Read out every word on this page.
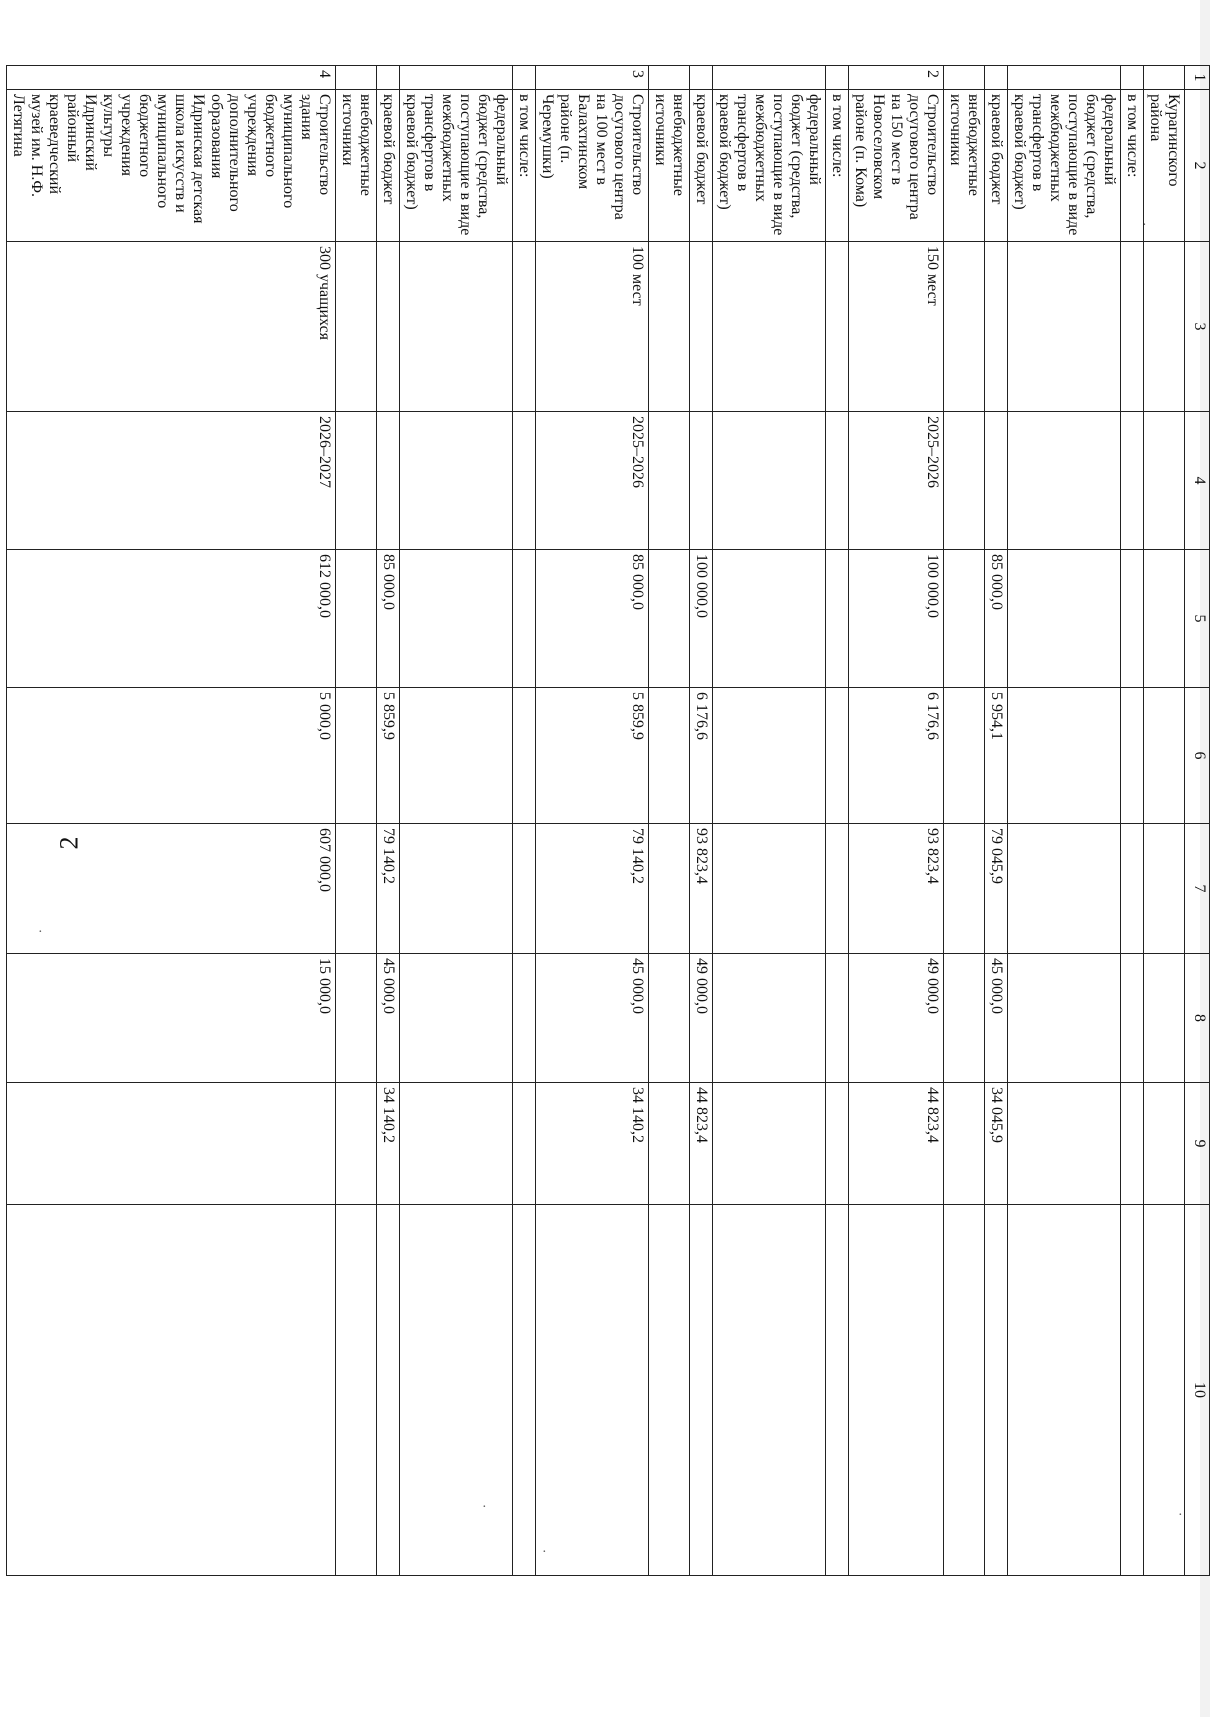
2
·
·
·
·
·
1	2	3	4	5	6	7	8	9	10
	Курагинского района								
	в том числе:								
	федеральный бюджет (средства, поступающие в виде межбюджетных трансфертов в краевой бюджет)								
	краевой бюджет			85 000,0	5 954,1	79 045,9	45 000,0	34 045,9	
	внебюджетные источники								
2	Строительство досугового центра на 150 мест в Новоселовском районе (п. Кома)	150 мест	2025–2026	100 000,0	6 176,6	93 823,4	49 000,0	44 823,4	
	в том числе:								
	федеральный бюджет (средства, поступающие в виде межбюджетных трансфертов в краевой бюджет)								
	краевой бюджет			100 000,0	6 176,6	93 823,4	49 000,0	44 823,4	
	внебюджетные источники								
3	Строительство досугового центра на 100 мест в Балахтинском районе (п. Черемушки)	100 мест	2025–2026	85 000,0	5 859,9	79 140,2	45 000,0	34 140,2	
	в том числе:								
	федеральный бюджет (средства, поступающие в виде межбюджетных трансфертов в краевой бюджет)								
	краевой бюджет			85 000,0	5 859,9	79 140,2	45 000,0	34 140,2	
	внебюджетные источники								
4	Строительство здания муниципального бюджетного учреждения дополнительного образования Идринская детская школа искусств и муниципального бюджетного учреждения культуры Идринский районный краеведческий музей им. Н.Ф. Летягина	300 учащихся	2026–2027	612 000,0	5 000,0	607 000,0	15 000,0		
